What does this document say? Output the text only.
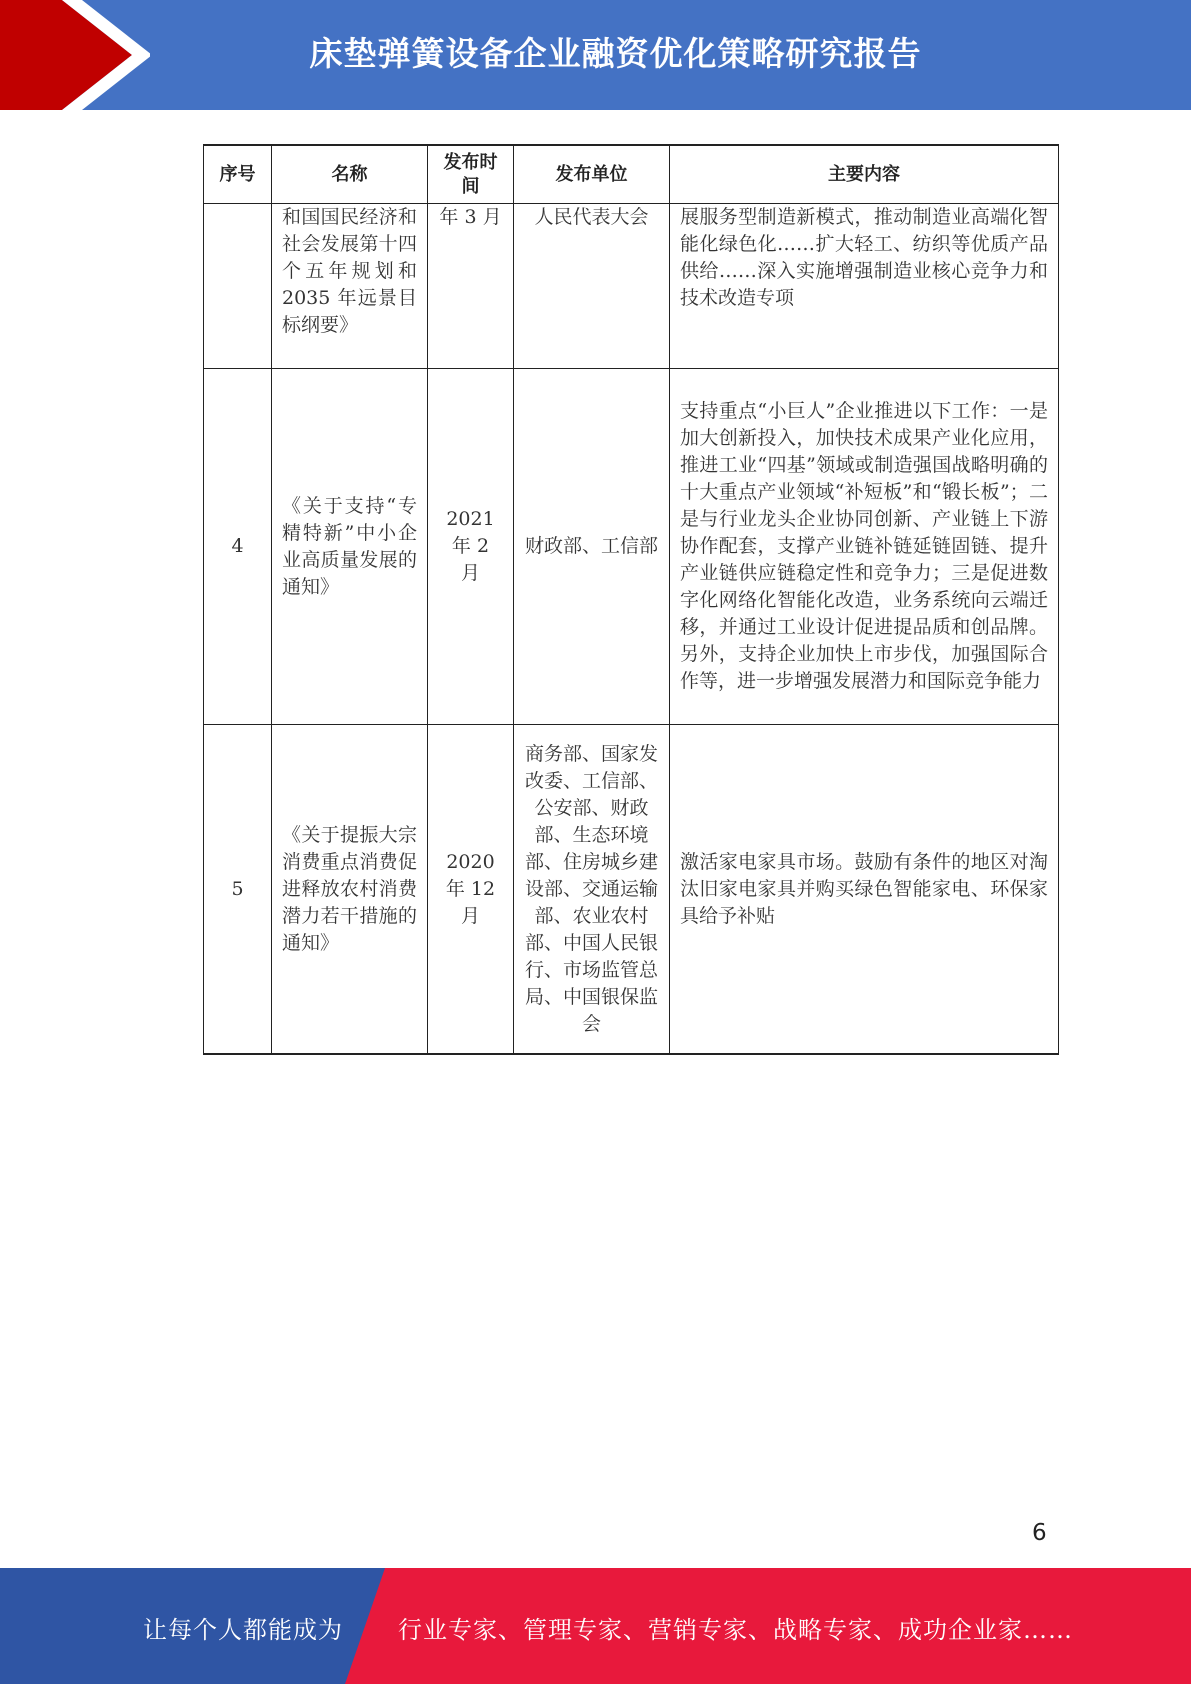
床垫弹簧设备企业融资优化策略研究报告
序号	名称	发布时间	发布单位	主要内容
	和国国民经济和社会发展第十四个五年规划和 2035 年远景目标纲要》	年 3 月	人民代表大会	展服务型制造新模式，推动制造业高端化智能化绿色化……扩大轻工、纺织等优质产品供给……深入实施增强制造业核心竞争力和技术改造专项
4	《关于支持“专精特新”中小企业高质量发展的通知》	2021 年 2 月	财政部、工信部	支持重点“小巨人”企业推进以下工作：一是加大创新投入，加快技术成果产业化应用，推进工业“四基”领域或制造强国战略明确的十大重点产业领域“补短板”和“锻长板”；二是与行业龙头企业协同创新、产业链上下游协作配套，支撑产业链补链延链固链、提升产业链供应链稳定性和竞争力；三是促进数字化网络化智能化改造，业务系统向云端迁移，并通过工业设计促进提品质和创品牌。另外，支持企业加快上市步伐，加强国际合作等，进一步增强发展潜力和国际竞争能力
5	《关于提振大宗消费重点消费促进释放农村消费潜力若干措施的通知》	2020 年 12 月	商务部、国家发改委、工信部、公安部、财政部、生态环境部、住房城乡建设部、交通运输部、农业农村部、中国人民银行、市场监管总局、中国银保监会	激活家电家具市场。鼓励有条件的地区对淘汰旧家电家具并购买绿色智能家电、环保家具给予补贴
6
让每个人都能成为 行业专家、管理专家、营销专家、战略专家、成功企业家……
